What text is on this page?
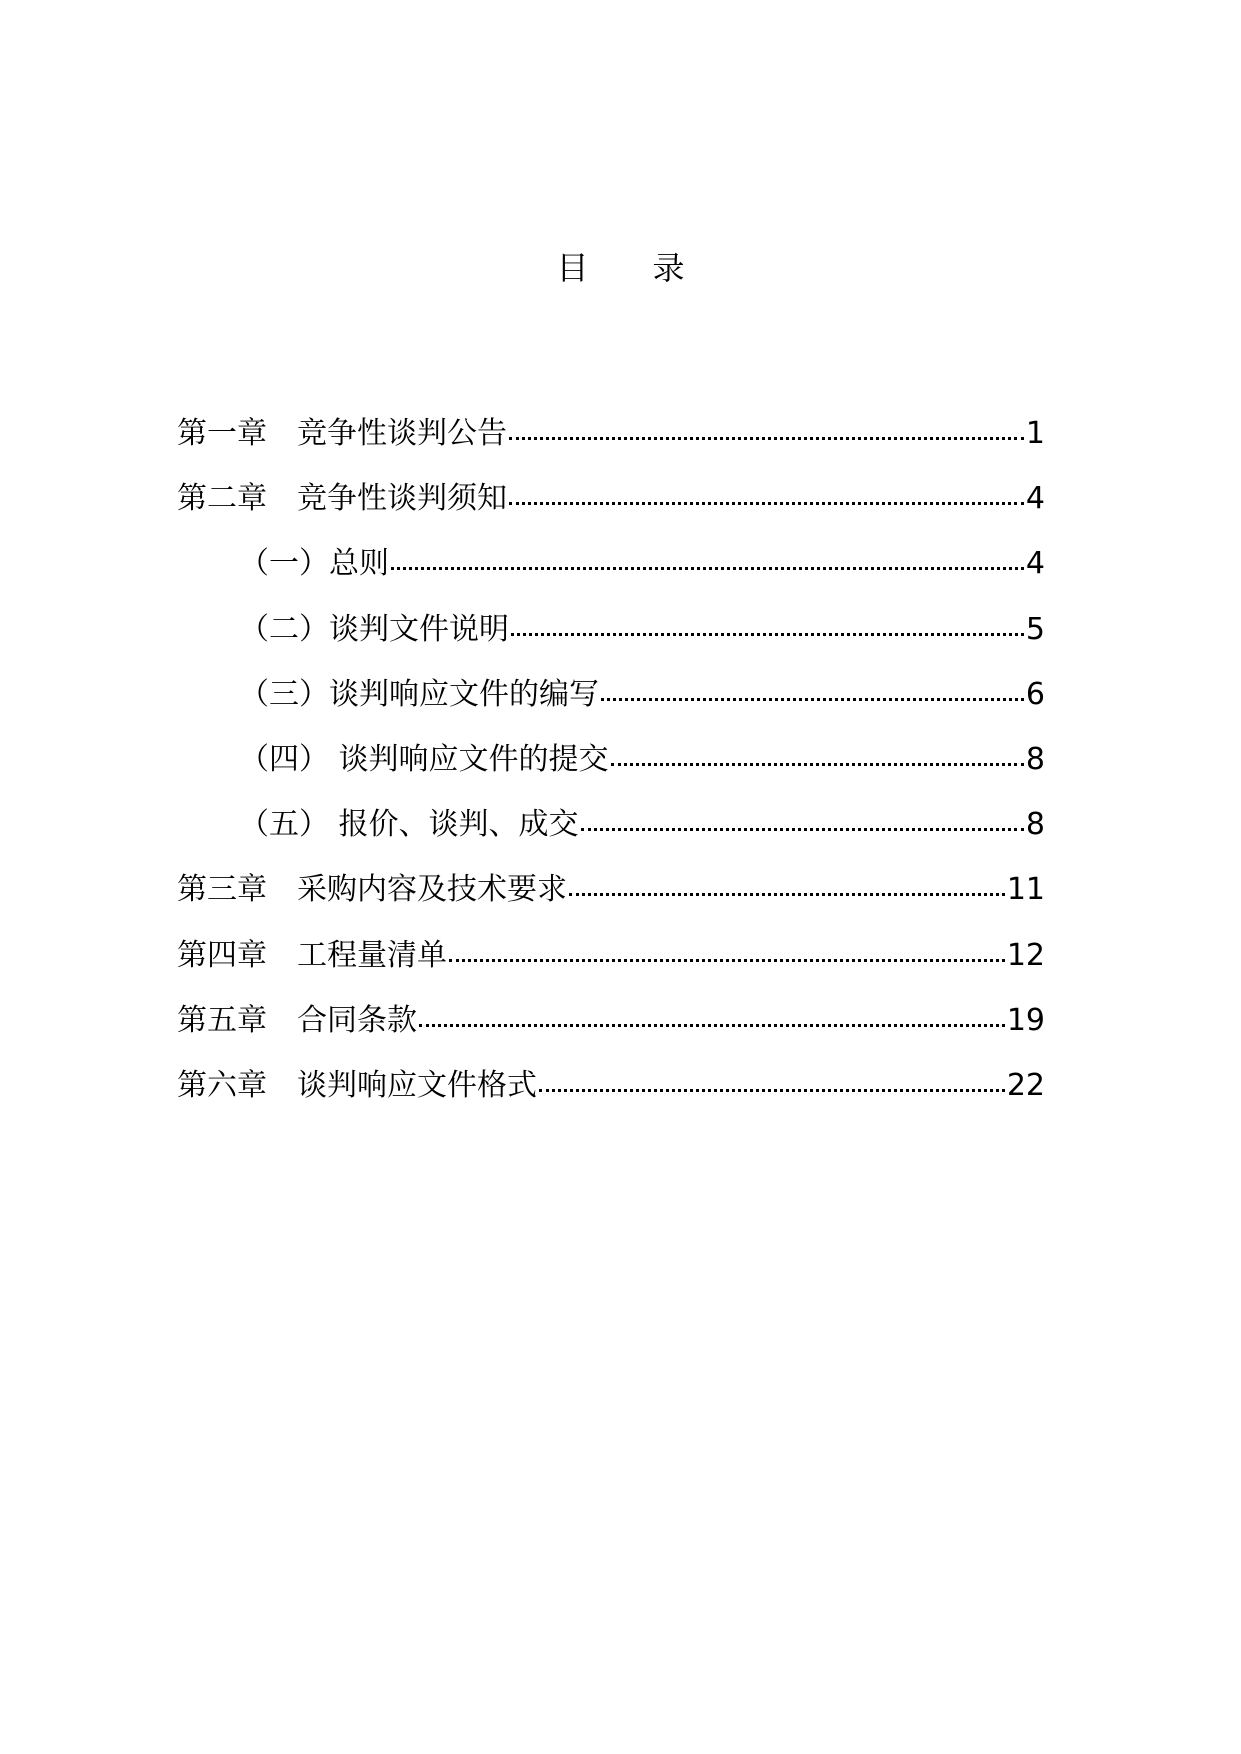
目　　录
第一章　竞争性谈判公告	1
第二章　竞争性谈判须知	4
（一）总则	4
（二）谈判文件说明	5
（三）谈判响应文件的编写	6
（四） 谈判响应文件的提交	8
（五） 报价、谈判、成交	8
第三章　采购内容及技术要求	11
第四章　工程量清单	12
第五章　合同条款	19
第六章　谈判响应文件格式	22
